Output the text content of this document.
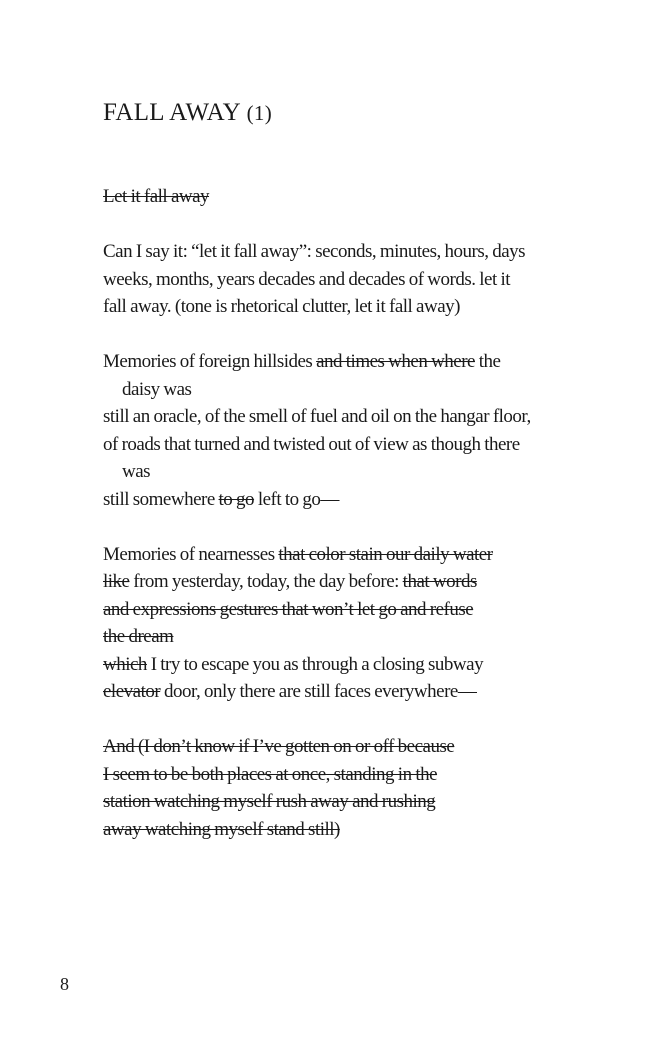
FALL AWAY (1)
Let it fall away
Can I say it: “let it fall away”: seconds, minutes, hours, days
weeks, months, years decades and decades of words. let it
fall away. (tone is rhetorical clutter, let it fall away)
Memories of foreign hillsides and times when where the
daisy was
still an oracle, of the smell of fuel and oil on the hangar floor,
of roads that turned and twisted out of view as though there
was
still somewhere to go left to go—
Memories of nearnesses that color stain our daily water
like from yesterday, today, the day before: that words
and expressions gestures that won’t let go and refuse
the dream
which I try to escape you as through a closing subway
elevator door, only there are still faces everywhere—
And (I don’t know if I’ve gotten on or off because
I seem to be both places at once, standing in the
station watching myself rush away and rushing
away watching myself stand still)
8
